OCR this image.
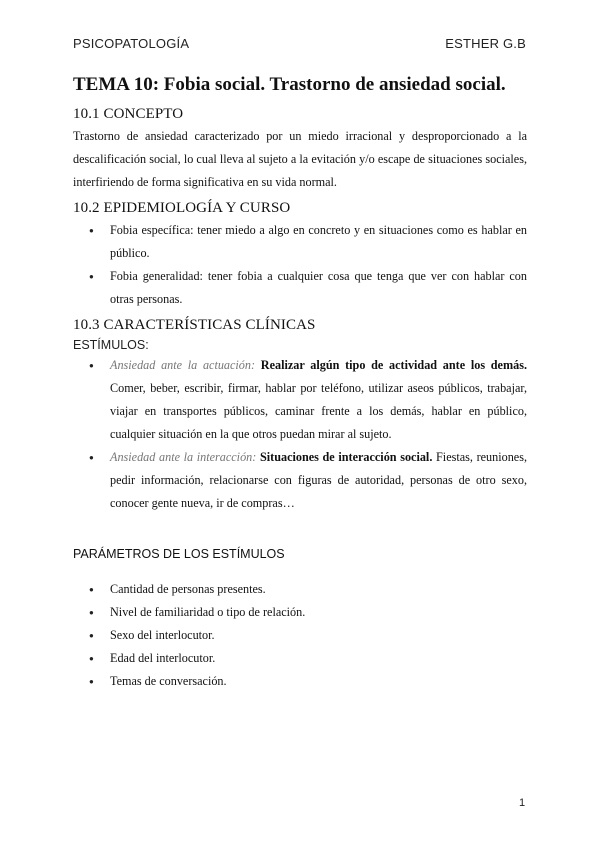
PSICOPATOLOGÍA	ESTHER G.B
TEMA 10: Fobia social. Trastorno de ansiedad social.
10.1 CONCEPTO

Trastorno de ansiedad caracterizado por un miedo irracional y desproporcionado a la descalificación social, lo cual lleva al sujeto a la evitación y/o escape de situaciones sociales, interfiriendo de forma significativa en su vida normal.

10.2 EPIDEMIOLOGÍA Y CURSO
● Fobia específica: tener miedo a algo en concreto y en situaciones como es hablar en público.
● Fobia generalidad: tener fobia a cualquier cosa que tenga que ver con hablar con otras personas.
10.3 CARACTERÍSTICAS CLÍNICAS

ESTÍMULOS:

● Ansiedad ante la actuación: Realizar algún tipo de actividad ante los demás. Comer, beber, escribir, firmar, hablar por teléfono, utilizar aseos públicos, trabajar, viajar en transportes públicos, caminar frente a los demás, hablar en público, cualquier situación en la que otros puedan mirar al sujeto.
● Ansiedad ante la interacción: Situaciones de interacción social. Fiestas, reuniones, pedir información, relacionarse con figuras de autoridad, personas de otro sexo, conocer gente nueva, ir de compras…

PARÁMETROS DE LOS ESTÍMULOS

● Cantidad de personas presentes.
● Nivel de familiaridad o tipo de relación.
● Sexo del interlocutor.
● Edad del interlocutor.
● Temas de conversación.
1
